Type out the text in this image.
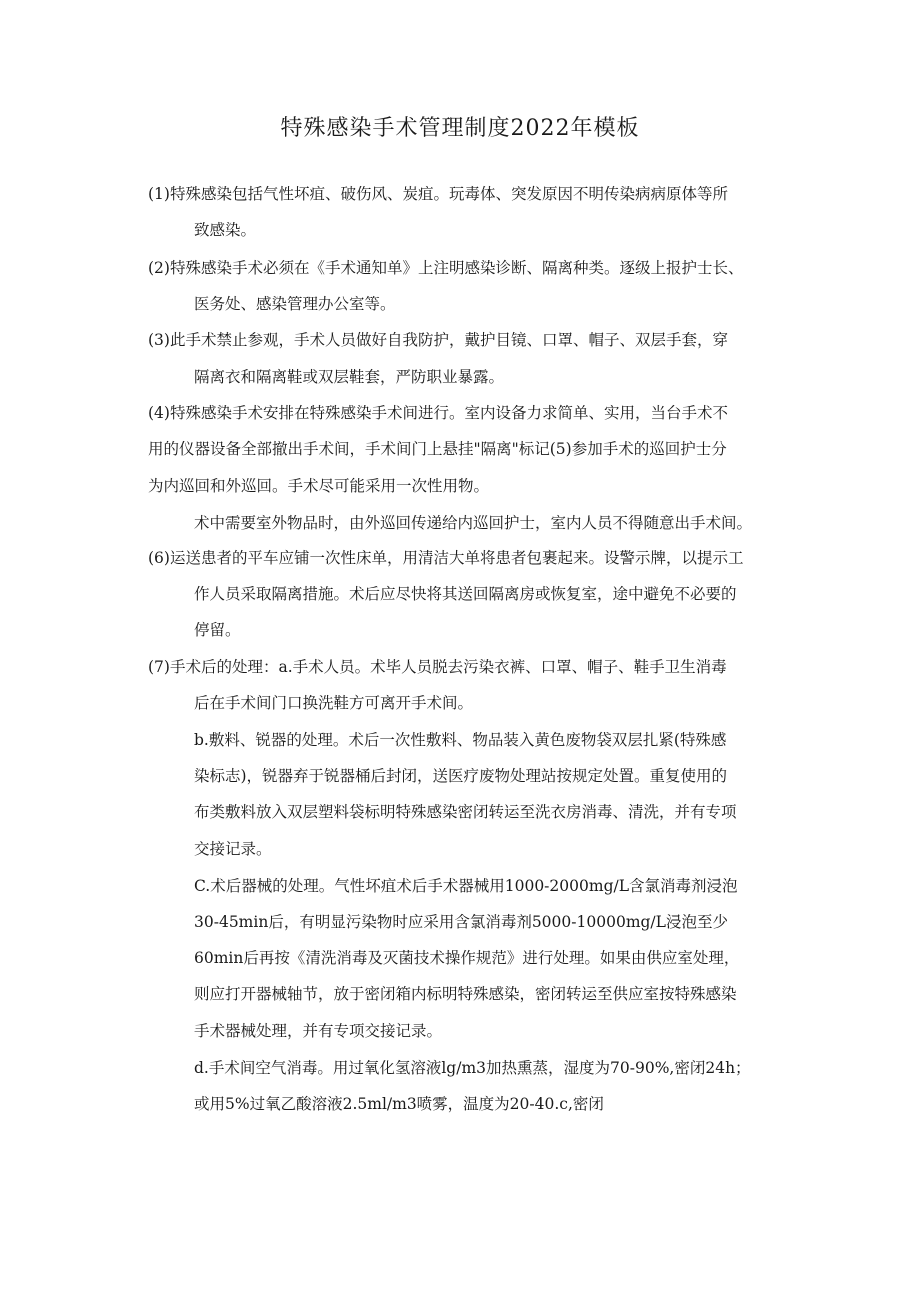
特殊感染手术管理制度2022年模板
(1)特殊感染包括气性坏疽、破伤风、炭疽。玩毒体、突发原因不明传染病病原体等所
致感染。
(2)特殊感染手术必须在《手术通知单》上注明感染诊断、隔离种类。逐级上报护士长、
医务处、感染管理办公室等。
(3)此手术禁止参观，手术人员做好自我防护，戴护目镜、口罩、帽子、双层手套，穿
隔离衣和隔离鞋或双层鞋套，严防职业暴露。
(4)特殊感染手术安排在特殊感染手术间进行。室内设备力求简单、实用，当台手术不
用的仪器设备全部撤出手术间，手术间门上悬挂"隔离"标记(5)参加手术的巡回护士分
为内巡回和外巡回。手术尽可能采用一次性用物。
术中需要室外物品时，由外巡回传递给内巡回护士，室内人员不得随意出手术间。
(6)运送患者的平车应铺一次性床单，用清洁大单将患者包裹起来。设警示牌，以提示工
作人员采取隔离措施。术后应尽快将其送回隔离房或恢复室，途中避免不必要的
停留。
(7)手术后的处理：a.手术人员。术毕人员脱去污染衣裤、口罩、帽子、鞋手卫生消毒
后在手术间门口换洗鞋方可离开手术间。
b.敷料、锐器的处理。术后一次性敷料、物品装入黄色废物袋双层扎紧(特殊感
染标志)，锐器弃于锐器桶后封闭，送医疗废物处理站按规定处置。重复使用的
布类敷料放入双层塑料袋标明特殊感染密闭转运至洗衣房消毒、清洗，并有专项
交接记录。
C.术后器械的处理。气性坏疽术后手术器械用1000-2000mg∕L含氯消毒剂浸泡
30-45min后，有明显污染物时应采用含氯消毒剂5000-10000mg∕L浸泡至少
60min后再按《清洗消毒及灭菌技术操作规范》进行处理。如果由供应室处理，
则应打开器械轴节，放于密闭箱内标明特殊感染，密闭转运至供应室按特殊感染
手术器械处理，并有专项交接记录。
d.手术间空气消毒。用过氧化氢溶液lg/m3加热熏蒸，湿度为70-90%,密闭24h；
或用5%过氧乙酸溶液2.5ml/m3喷雾，温度为20-40.c,密闭
